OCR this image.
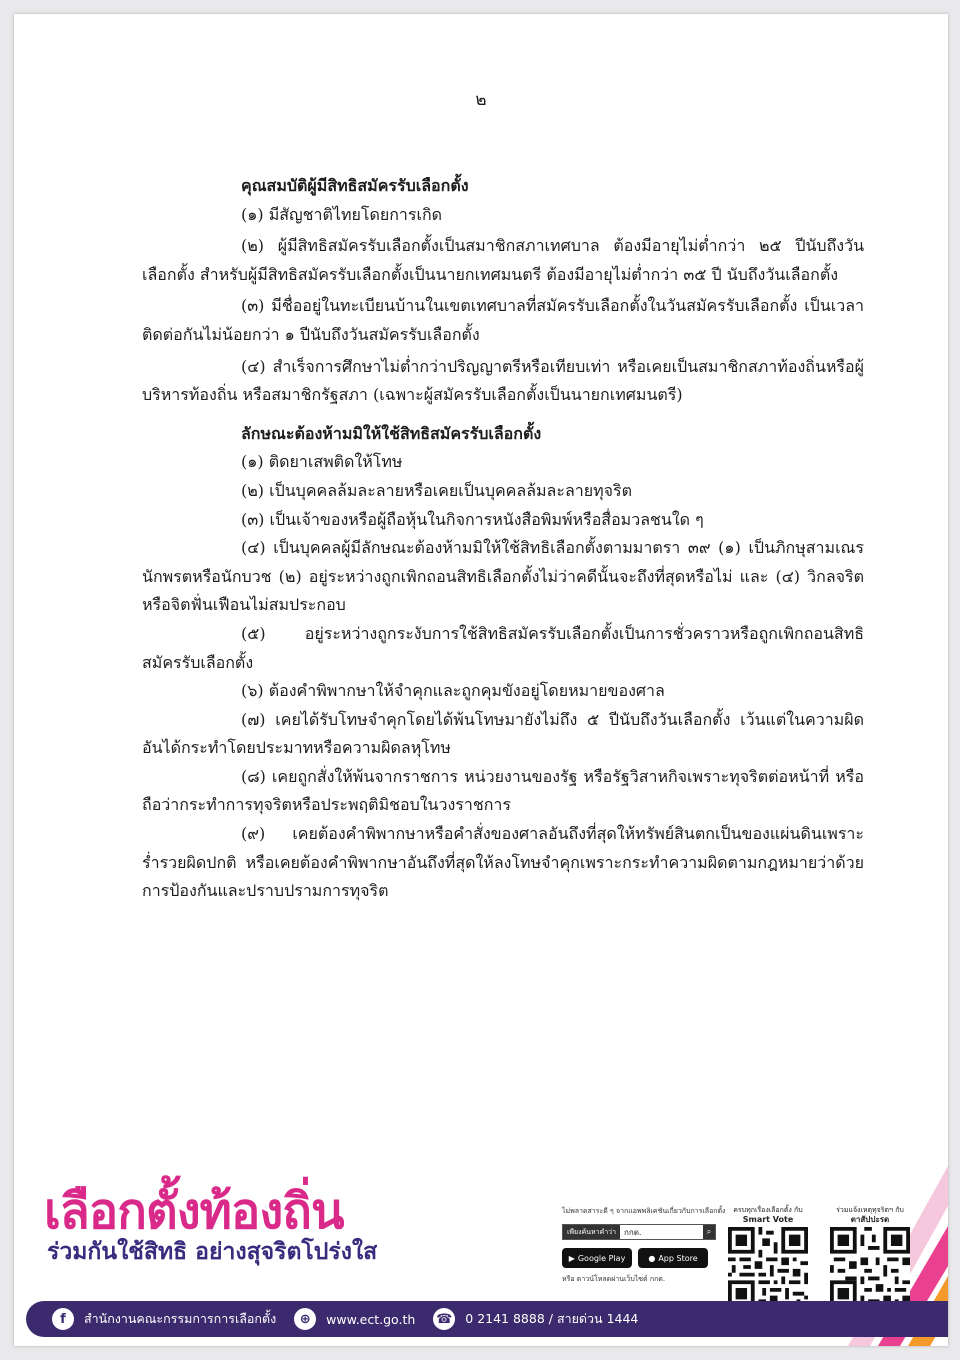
๒

คุณสมบัติผู้มีสิทธิสมัครรับเลือกตั้ง

(๑) มีสัญชาติไทยโดยการเกิด

(๒) ผู้มีสิทธิสมัครรับเลือกตั้งเป็นสมาชิกสภาเทศบาล ต้องมีอายุไม่ต่ำกว่า ๒๕ ปีนับถึงวันเลือกตั้ง สำหรับผู้มีสิทธิสมัครรับเลือกตั้งเป็นนายกเทศมนตรี ต้องมีอายุไม่ต่ำกว่า ๓๕ ปี นับถึงวันเลือกตั้ง

(๓) มีชื่ออยู่ในทะเบียนบ้านในเขตเทศบาลที่สมัครรับเลือกตั้งในวันสมัครรับเลือกตั้ง เป็นเวลาติดต่อกันไม่น้อยกว่า ๑ ปีนับถึงวันสมัครรับเลือกตั้ง

(๔) สำเร็จการศึกษาไม่ต่ำกว่าปริญญาตรีหรือเทียบเท่า หรือเคยเป็นสมาชิกสภาท้องถิ่นหรือผู้บริหารท้องถิ่น หรือสมาชิกรัฐสภา (เฉพาะผู้สมัครรับเลือกตั้งเป็นนายกเทศมนตรี)

ลักษณะต้องห้ามมิให้ใช้สิทธิสมัครรับเลือกตั้ง

(๑) ติดยาเสพติดให้โทษ

(๒) เป็นบุคคลล้มละลายหรือเคยเป็นบุคคลล้มละลายทุจริต

(๓) เป็นเจ้าของหรือผู้ถือหุ้นในกิจการหนังสือพิมพ์หรือสื่อมวลชนใด ๆ

(๔) เป็นบุคคลผู้มีลักษณะต้องห้ามมิให้ใช้สิทธิเลือกตั้งตามมาตรา ๓๙ (๑) เป็นภิกษุสามเณร นักพรตหรือนักบวช (๒) อยู่ระหว่างถูกเพิกถอนสิทธิเลือกตั้งไม่ว่าคดีนั้นจะถึงที่สุดหรือไม่ และ (๔) วิกลจริต หรือจิตฟั่นเฟือนไม่สมประกอบ

(๕) อยู่ระหว่างถูกระงับการใช้สิทธิสมัครรับเลือกตั้งเป็นการชั่วคราวหรือถูกเพิกถอนสิทธิสมัครรับเลือกตั้ง

(๖) ต้องคำพิพากษาให้จำคุกและถูกคุมขังอยู่โดยหมายของศาล

(๗) เคยได้รับโทษจำคุกโดยได้พ้นโทษมายังไม่ถึง ๕ ปีนับถึงวันเลือกตั้ง เว้นแต่ในความผิดอันได้กระทำโดยประมาทหรือความผิดลหุโทษ

(๘) เคยถูกสั่งให้พ้นจากราชการ หน่วยงานของรัฐ หรือรัฐวิสาหกิจเพราะทุจริตต่อหน้าที่ หรือถือว่ากระทำการทุจริตหรือประพฤติมิชอบในวงราชการ

(๙) เคยต้องคำพิพากษาหรือคำสั่งของศาลอันถึงที่สุดให้ทรัพย์สินตกเป็นของแผ่นดินเพราะร่ำรวยผิดปกติ หรือเคยต้องคำพิพากษาอันถึงที่สุดให้ลงโทษจำคุกเพราะกระทำความผิดตามกฎหมายว่าด้วยการป้องกันและปราบปรามการทุจริต

เลือกตั้งท้องถิ่น
ร่วมกันใช้สิทธิ อย่างสุจริตโปร่งใส
ไม่พลาดสาระดี ๆ จากแอพพลิเคชันเกี่ยวกับการเลือกตั้ง
เพียงค้นหาคำว่า	กกต.	⌕
▶ Google Play	● App Store
หรือ ดาวน์โหลดผ่านเว็บไซต์ กกต.
ครบทุกเรื่องเลือกตั้ง กับ
Smart Vote
ร่วมแจ้งเหตุทุจริตฯ กับ
ตาสัปปะรด
f	สำนักงานคณะกรรมการการเลือกตั้ง	⊕	www.ect.go.th ☎ 0 2141 8888 / สายด่วน 1444
